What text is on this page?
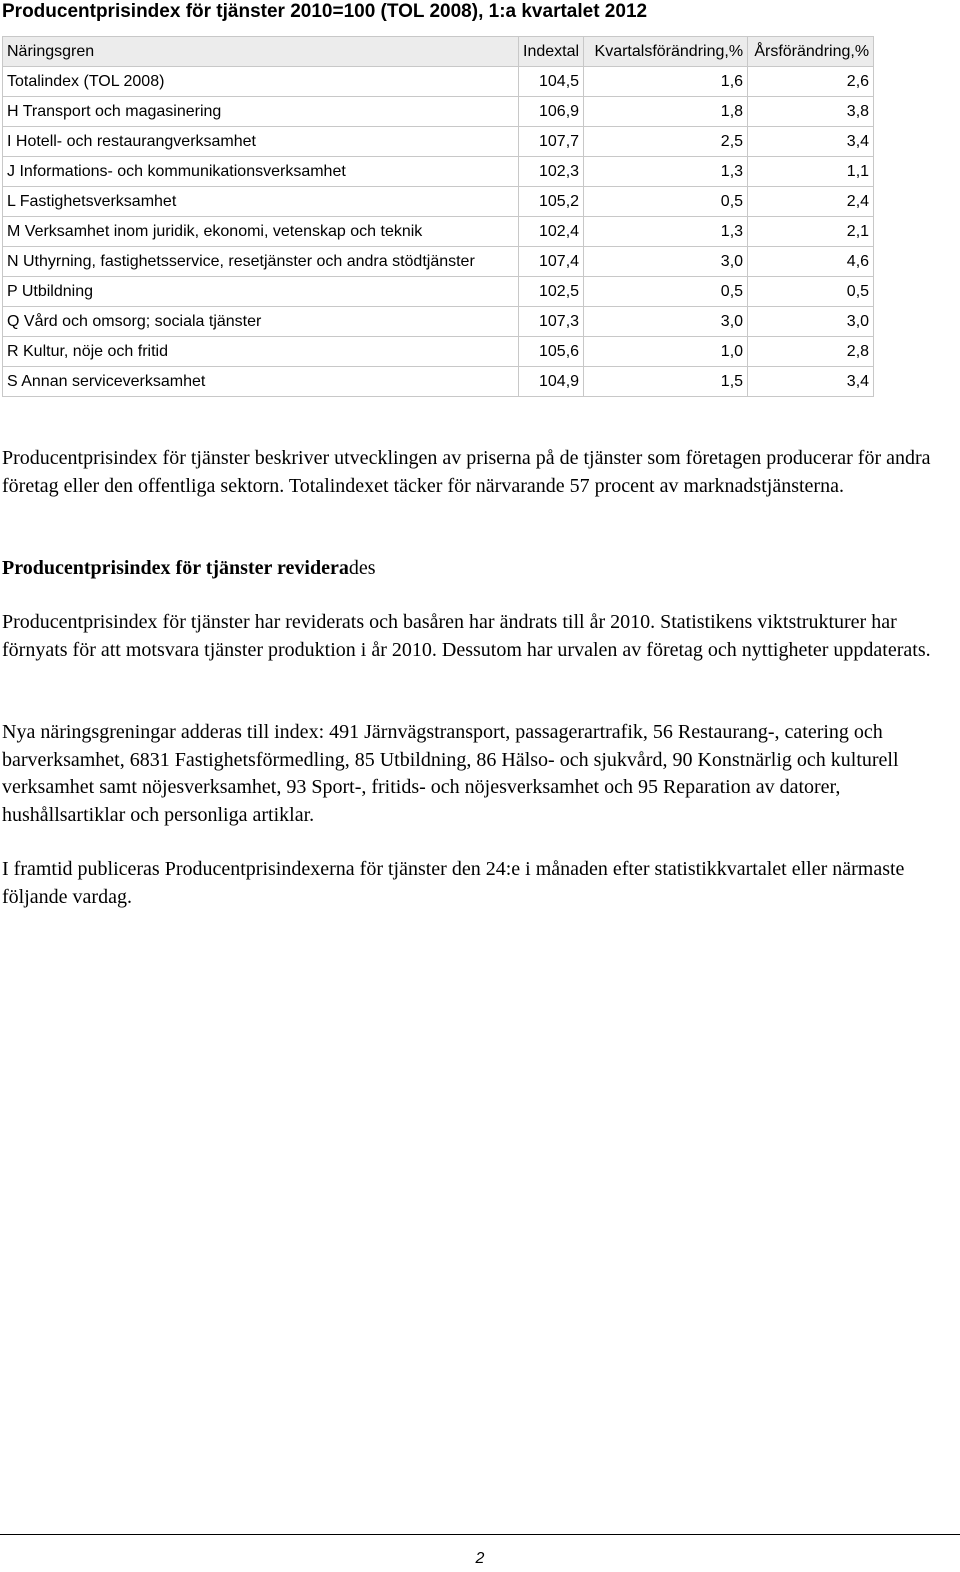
Producentprisindex för tjänster 2010=100 (TOL 2008), 1:a kvartalet 2012
Näringsgren	Indextal	Kvartalsförändring,%	Årsförändring,%
Totalindex (TOL 2008)	104,5	1,6	2,6
H Transport och magasinering	106,9	1,8	3,8
I Hotell- och restaurangverksamhet	107,7	2,5	3,4
J Informations- och kommunikationsverksamhet	102,3	1,3	1,1
L Fastighetsverksamhet	105,2	0,5	2,4
M Verksamhet inom juridik, ekonomi, vetenskap och teknik	102,4	1,3	2,1
N Uthyrning, fastighetsservice, resetjänster och andra stödtjänster	107,4	3,0	4,6
P Utbildning	102,5	0,5	0,5
Q Vård och omsorg; sociala tjänster	107,3	3,0	3,0
R Kultur, nöje och fritid	105,6	1,0	2,8
S Annan serviceverksamhet	104,9	1,5	3,4

Producentprisindex för tjänster beskriver utvecklingen av priserna på de tjänster som företagen producerar för andra företag eller den offentliga sektorn. Totalindexet täcker för närvarande 57 procent av marknadstjänsterna.

Producentprisindex för tjänster reviderades

Producentprisindex för tjänster har reviderats och basåren har ändrats till år 2010. Statistikens viktstrukturer har förnyats för att motsvara tjänster produktion i år 2010. Dessutom har urvalen av företag och nyttigheter uppdaterats.

Nya näringsgreningar adderas till index: 491 Järnvägstransport, passagerartrafik, 56 Restaurang-, catering och barverksamhet, 6831 Fastighetsförmedling, 85 Utbildning, 86 Hälso- och sjukvård, 90 Konstnärlig och kulturell verksamhet samt nöjesverksamhet, 93 Sport-, fritids- och nöjesverksamhet och 95 Reparation av datorer, hushållsartiklar och personliga artiklar.

I framtid publiceras Producentprisindexerna för tjänster den 24:e i månaden efter statistikkvartalet eller närmaste följande vardag.

2
